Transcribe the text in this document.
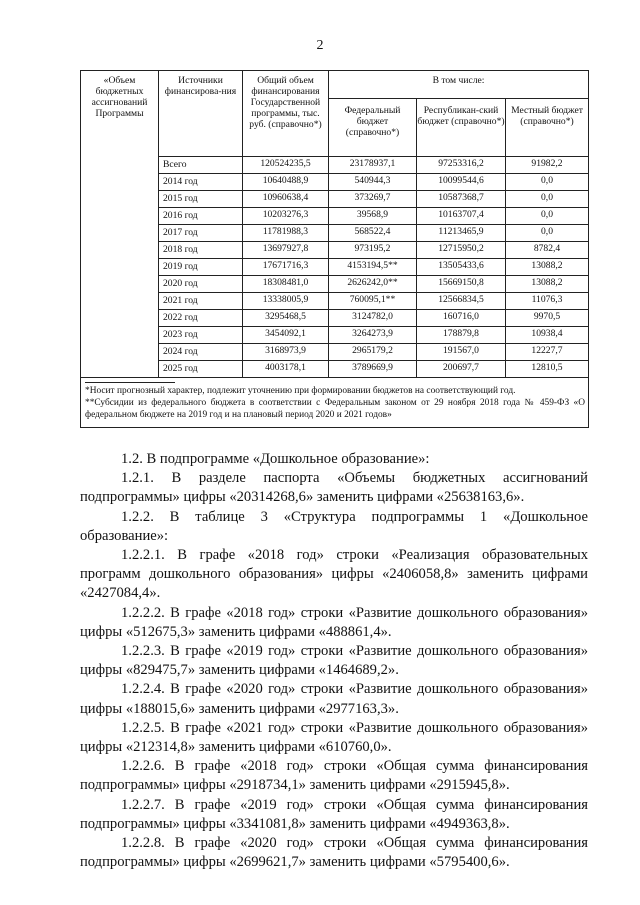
2
«Объем бюджетных ассигнований Программы	Источники финансирова-ния	Общий объем финансирования Государственной программы, тыс. руб. (справочно*)	В том числе:		
			Федеральный бюджет (справочно*)	Республикан-ский бюджет (справочно*)	Местный бюджет (справочно*)
	Всего	120524235,5	23178937,1	97253316,2	91982,2
	2014 год	10640488,9	540944,3	10099544,6	0,0
	2015 год	10960638,4	373269,7	10587368,7	0,0
	2016 год	10203276,3	39568,9	10163707,4	0,0
	2017 год	11781988,3	568522,4	11213465,9	0,0
	2018 год	13697927,8	973195,2	12715950,2	8782,4
	2019 год	17671716,3	4153194,5**	13505433,6	13088,2
	2020 год	18308481,0	2626242,0**	15669150,8	13088,2
	2021 год	13338005,9	760095,1**	12566834,5	11076,3
	2022 год	3295468,5	3124782,0	160716,0	9970,5
	2023 год	3454092,1	3264273,9	178879,8	10938,4
	2024 год	3168973,9	2965179,2	191567,0	12227,7
	2025 год	4003178,1	3789669,9	200697,7	12810,5

*Носит прогнозный характер, подлежит уточнению при формировании бюджетов на соответствующий год.
**Субсидии из федерального бюджета в соответствии с Федеральным законом от 29 ноября 2018 года № 459-ФЗ «О федеральном бюджете на 2019 год и на плановый период 2020 и 2021 годов»					

1.2. В подпрограмме «Дошкольное образование»:

1.2.1. В разделе паспорта «Объемы бюджетных ассигнований подпрограммы» цифры «20314268,6» заменить цифрами «25638163,6».

1.2.2. В таблице 3 «Структура подпрограммы 1 «Дошкольное образование»:

1.2.2.1. В графе «2018 год» строки «Реализация образовательных программ дошкольного образования» цифры «2406058,8» заменить цифрами «2427084,4».

1.2.2.2. В графе «2018 год» строки «Развитие дошкольного образования» цифры «512675,3» заменить цифрами «488861,4».

1.2.2.3. В графе «2019 год» строки «Развитие дошкольного образования» цифры «829475,7» заменить цифрами «1464689,2».

1.2.2.4. В графе «2020 год» строки «Развитие дошкольного образования» цифры «188015,6» заменить цифрами «2977163,3».

1.2.2.5. В графе «2021 год» строки «Развитие дошкольного образования» цифры «212314,8» заменить цифрами «610760,0».

1.2.2.6. В графе «2018 год» строки «Общая сумма финансирования подпрограммы» цифры «2918734,1» заменить цифрами «2915945,8».

1.2.2.7. В графе «2019 год» строки «Общая сумма финансирования подпрограммы» цифры «3341081,8» заменить цифрами «4949363,8».

1.2.2.8. В графе «2020 год» строки «Общая сумма финансирования подпрограммы» цифры «2699621,7» заменить цифрами «5795400,6».
